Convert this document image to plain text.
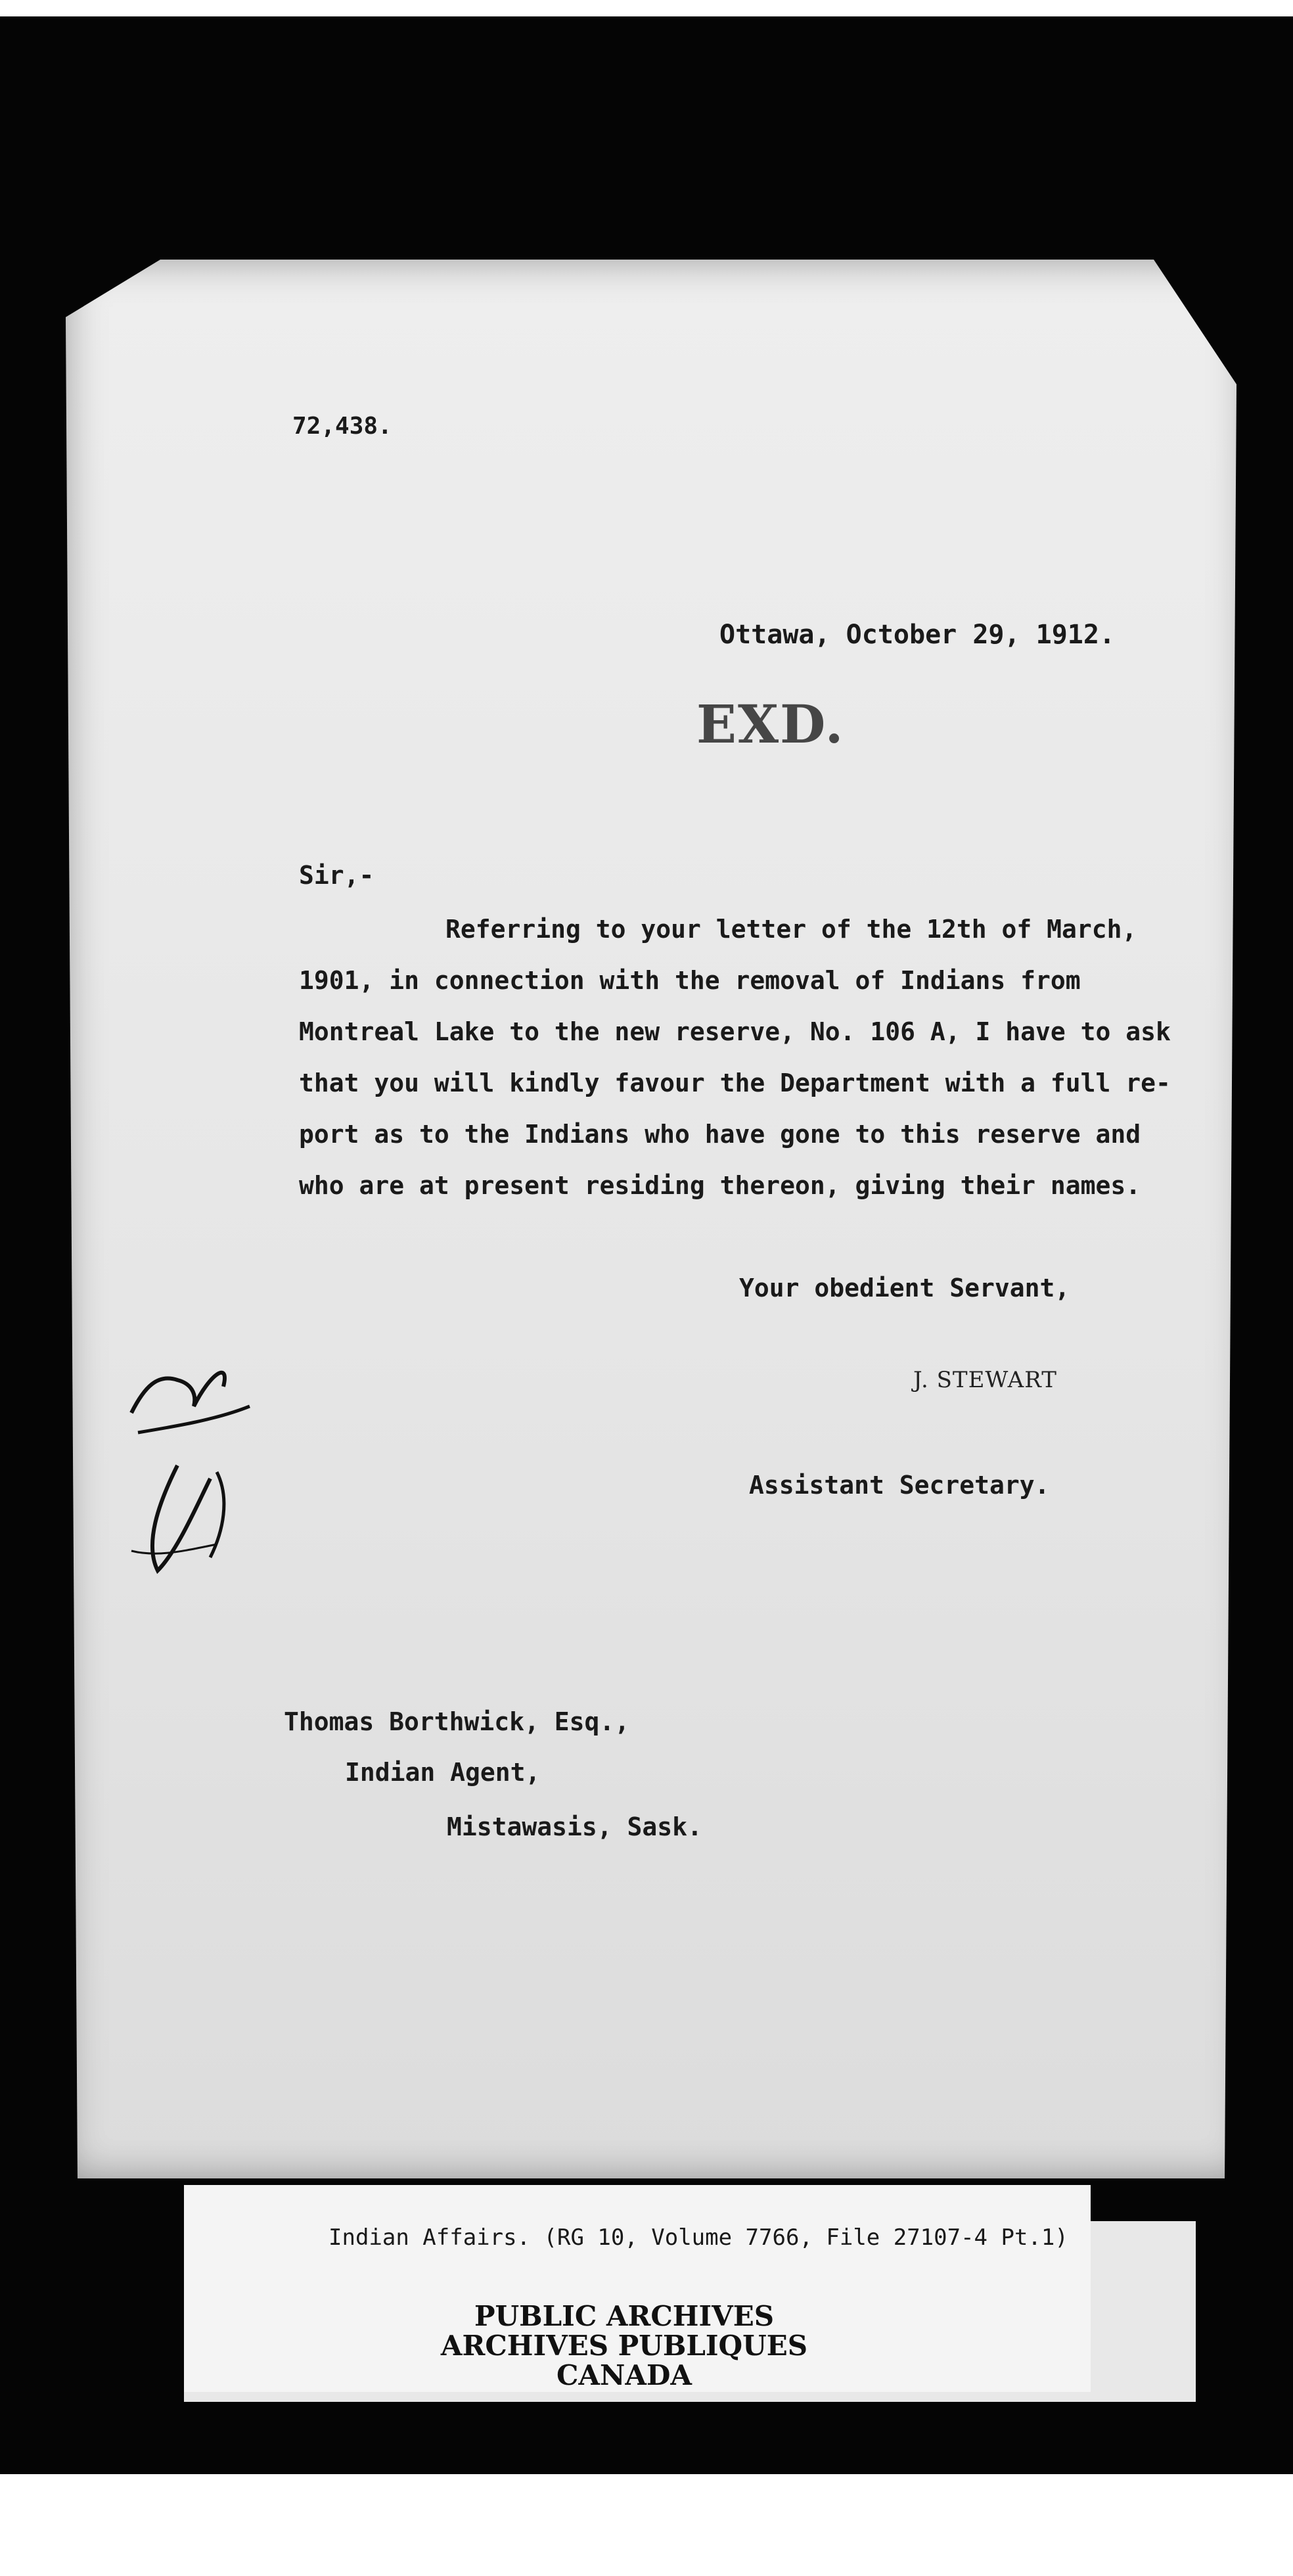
72,438.
Ottawa, October 29, 1912.
EXD.
Sir,-
Referring to your letter of the 12th of March,
1901, in connection with the removal of Indians from
Montreal Lake to the new reserve, No. 106 A, I have to ask
that you will kindly favour the Department with a full re-
port as to the Indians who have gone to this reserve and
who are at present residing thereon, giving their names.
Your obedient Servant,
J. STEWART
Assistant Secretary.
Thomas Borthwick, Esq.,
Indian Agent,
Mistawasis, Sask.
Indian Affairs. (RG 10, Volume 7766, File 27107-4 Pt.1)
PUBLIC ARCHIVES
ARCHIVES PUBLIQUES
CANADA
